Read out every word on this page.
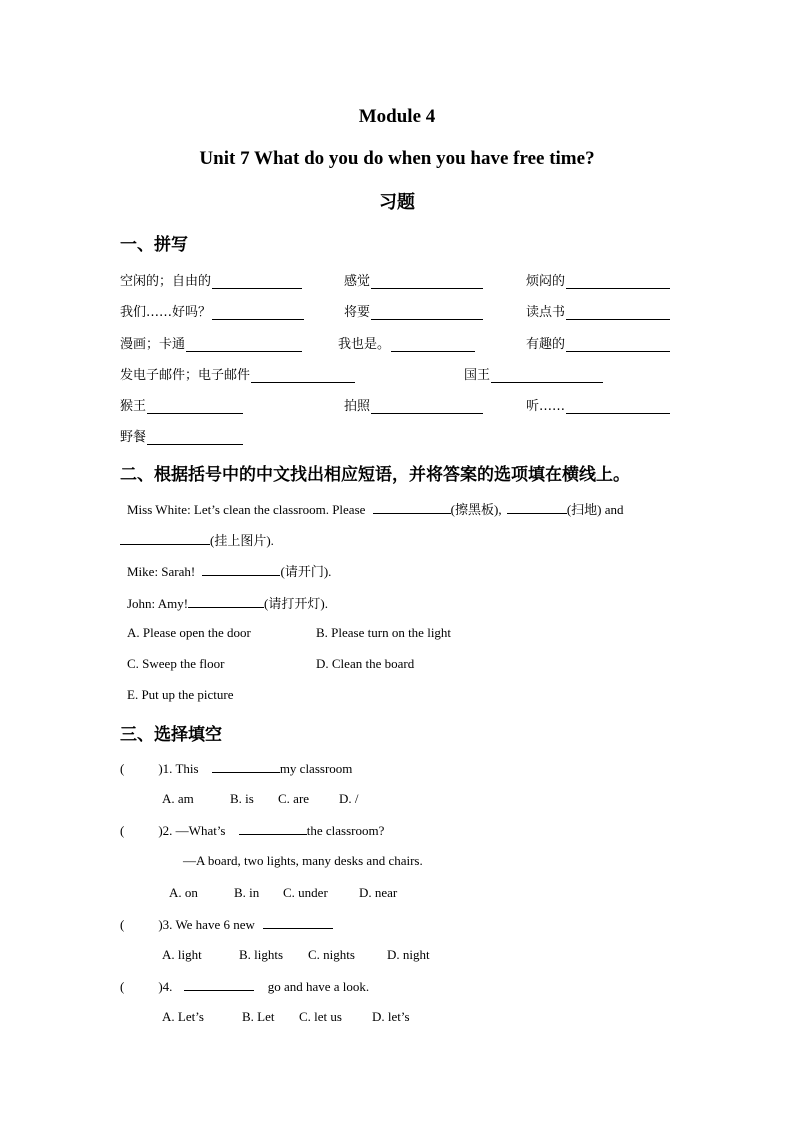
Module 4
Unit 7 What do you do when you have free time?
习题
一、拼写
空闲的；自由的	感觉	烦闷的
我们……好吗？	将要	读点书
漫画；卡通	我也是。	有趣的
发电子邮件；电子邮件	国王
猴王	拍照	听……
野餐
二、根据括号中的中文找出相应短语，并将答案的选项填在横线上。
Miss White: Let’s clean the classroom. Please	(擦黑板),	(扫地) and
(挂上图片).
Mike: Sarah!	(请开门).
John: Amy!	(请打开灯).
A. Please open the door	B. Please turn on the light
C. Sweep the floor	D. Clean the board
E. Put up the picture
三、选择填空
(	)1. This	my classroom
A. am	B. is C. are D. /
(	)2. —What’s	the classroom?
—A board, two lights, many desks and chairs.
A. on	B. in C. under D. near
(	)3. We have 6 new
A. light	B. lights C. nights D. night
(	)4.	go and have a look.
A. Let’s	B. Let C. let us D. let’s
